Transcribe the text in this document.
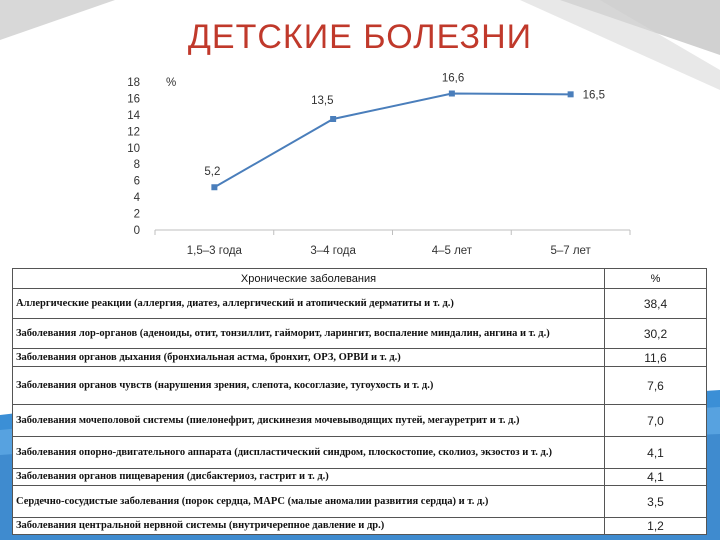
ДЕТСКИЕ БОЛЕЗНИ
0
2
4
6
8
10
12
14
16
18 %
1,5–3 года	3–4 года	4–5 лет	5–7 лет
5,2
13,5
16,6
16,5
Хронические заболевания	%
Аллергические реакции (аллергия, диатез, аллергический и атопический дерматиты и т. д.)	38,4
Заболевания лор-органов (аденоиды, отит, тонзиллит, гайморит, ларингит, воспаление миндалин, ангина и т. д.)	30,2
Заболевания органов дыхания (бронхиальная астма, бронхит, ОРЗ, ОРВИ и т. д.)	11,6
Заболевания органов чувств (нарушения зрения, слепота, косоглазие, тугоухость и т. д.)	7,6
Заболевания мочеполовой системы (пиелонефрит, дискинезия мочевыводящих путей, мегауретрит и т. д.)	7,0
Заболевания опорно-двигательного аппарата (диспластический синдром, плоскостопие, сколиоз, экзостоз и т. д.)	4,1
Заболевания органов пищеварения (дисбактериоз, гастрит и т. д.)	4,1
Сердечно-сосудистые заболевания (порок сердца, МАРС (малые аномалии развития сердца) и т. д.)	3,5
Заболевания центральной нервной системы (внутричерепное давление и др.)	1,2
